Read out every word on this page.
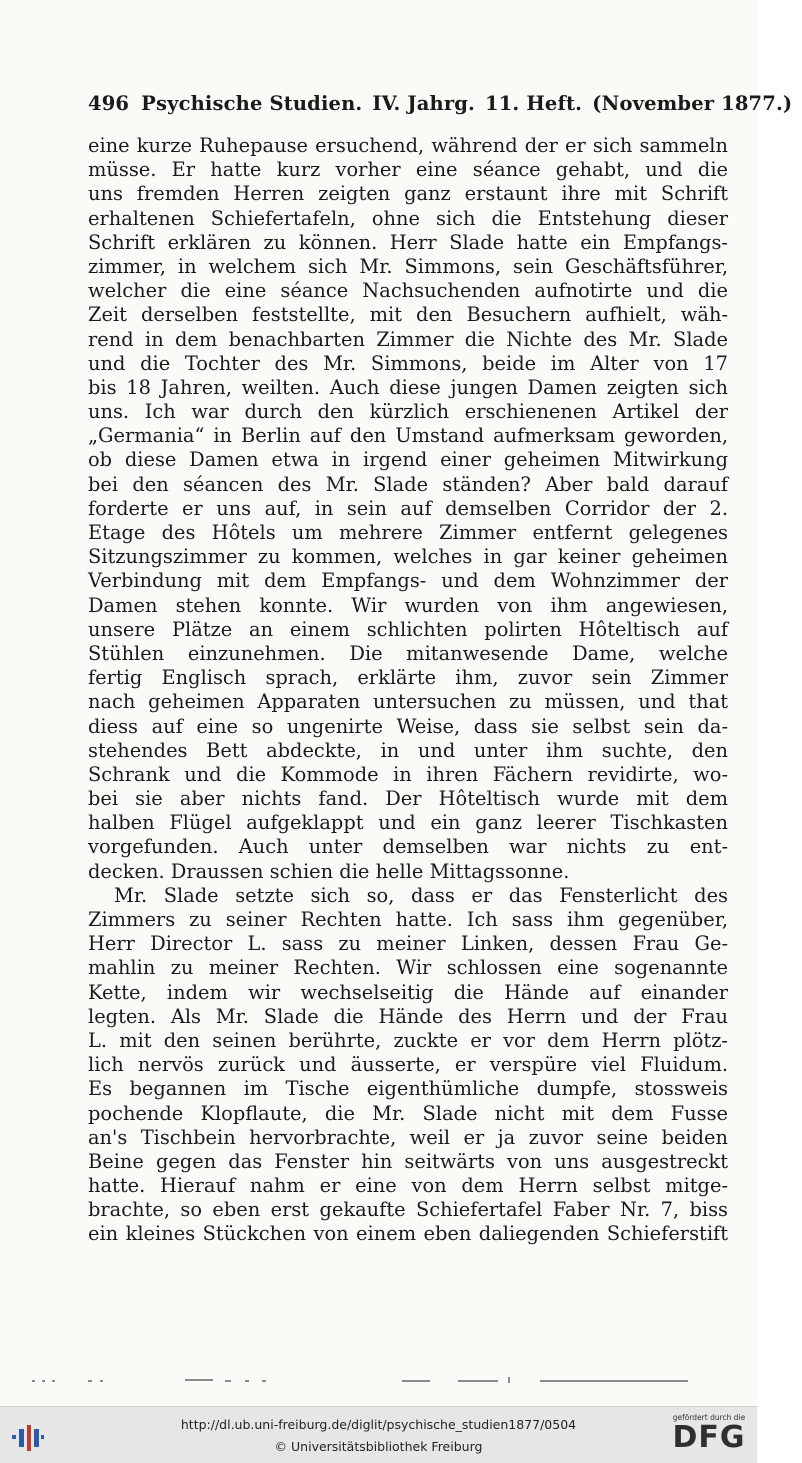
496 Psychische Studien. IV. Jahrg. 11. Heft. (November 1877.)
eine kurze Ruhepause ersuchend, während der er sich sammeln
müsse. Er hatte kurz vorher eine séance gehabt, und die
uns fremden Herren zeigten ganz erstaunt ihre mit Schrift
erhaltenen Schiefertafeln, ohne sich die Entstehung dieser
Schrift erklären zu können. Herr Slade hatte ein Empfangs-
zimmer, in welchem sich Mr. Simmons, sein Geschäftsführer,
welcher die eine séance Nachsuchenden aufnotirte und die
Zeit derselben feststellte, mit den Besuchern aufhielt, wäh-
rend in dem benachbarten Zimmer die Nichte des Mr. Slade
und die Tochter des Mr. Simmons, beide im Alter von 17
bis 18 Jahren, weilten. Auch diese jungen Damen zeigten sich
uns. Ich war durch den kürzlich erschienenen Artikel der
„Germania“ in Berlin auf den Umstand aufmerksam geworden,
ob diese Damen etwa in irgend einer geheimen Mitwirkung
bei den séancen des Mr. Slade ständen? Aber bald darauf
forderte er uns auf, in sein auf demselben Corridor der 2.
Etage des Hôtels um mehrere Zimmer entfernt gelegenes
Sitzungszimmer zu kommen, welches in gar keiner geheimen
Verbindung mit dem Empfangs- und dem Wohnzimmer der
Damen stehen konnte. Wir wurden von ihm angewiesen,
unsere Plätze an einem schlichten polirten Hôteltisch auf
Stühlen einzunehmen. Die mitanwesende Dame, welche
fertig Englisch sprach, erklärte ihm, zuvor sein Zimmer
nach geheimen Apparaten untersuchen zu müssen, und that
diess auf eine so ungenirte Weise, dass sie selbst sein da-
stehendes Bett abdeckte, in und unter ihm suchte, den
Schrank und die Kommode in ihren Fächern revidirte, wo-
bei sie aber nichts fand. Der Hôteltisch wurde mit dem
halben Flügel aufgeklappt und ein ganz leerer Tischkasten
vorgefunden. Auch unter demselben war nichts zu ent-
decken. Draussen schien die helle Mittagssonne.
Mr. Slade setzte sich so, dass er das Fensterlicht des
Zimmers zu seiner Rechten hatte. Ich sass ihm gegenüber,
Herr Director L. sass zu meiner Linken, dessen Frau Ge-
mahlin zu meiner Rechten. Wir schlossen eine sogenannte
Kette, indem wir wechselseitig die Hände auf einander
legten. Als Mr. Slade die Hände des Herrn und der Frau
L. mit den seinen berührte, zuckte er vor dem Herrn plötz-
lich nervös zurück und äusserte, er verspüre viel Fluidum.
Es begannen im Tische eigenthümliche dumpfe, stossweis
pochende Klopflaute, die Mr. Slade nicht mit dem Fusse
an's Tischbein hervorbrachte, weil er ja zuvor seine beiden
Beine gegen das Fenster hin seitwärts von uns ausgestreckt
hatte. Hierauf nahm er eine von dem Herrn selbst mitge-
brachte, so eben erst gekaufte Schiefertafel Faber Nr. 7, biss
ein kleines Stückchen von einem eben daliegenden Schieferstift
http://dl.ub.uni-freiburg.de/diglit/psychische_studien1877/0504
© Universitätsbibliothek Freiburg
gefördert durch die
DFG
